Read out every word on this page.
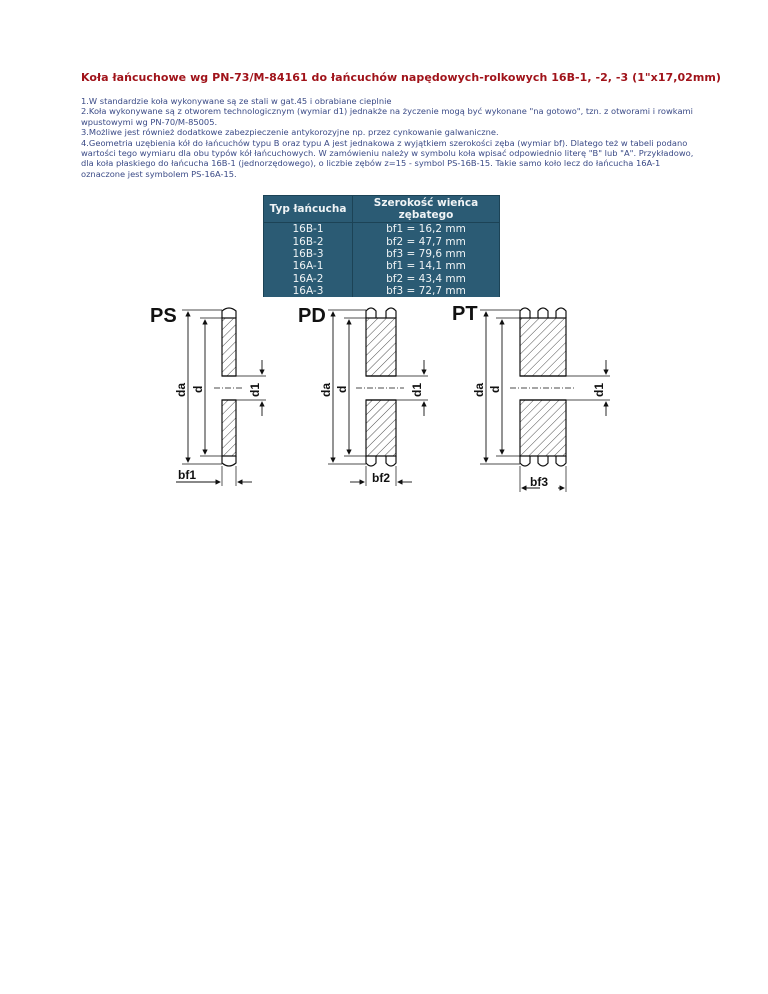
Koła łańcuchowe wg PN-73/M-84161 do łańcuchów napędowych-rolkowych 16B-1, -2, -3 (1"x17,02mm)

1.W standardzie koła wykonywane są ze stali w gat.45 i obrabiane cieplnie

2.Koła wykonywane są z otworem technologicznym (wymiar d1) jednakże na życzenie mogą być wykonane "na gotowo", tzn. z otworami i rowkami wpustowymi wg PN-70/M-85005.

3.Możliwe jest również dodatkowe zabezpieczenie antykorozyjne np. przez cynkowanie galwaniczne.

4.Geometria uzębienia kół do łańcuchów typu B oraz typu A jest jednakowa z wyjątkiem szerokości zęba (wymiar bf). Dlatego też w tabeli podano wartości tego wymiaru dla obu typów kół łańcuchowych. W zamówieniu należy w symbolu koła wpisać odpowiednio literę "B" lub "A". Przykładowo, dla koła płaskiego do łańcucha 16B-1 (jednorzędowego), o liczbie zębów z=15 - symbol PS-16B-15. Takie samo koło lecz do łańcucha 16A-1 oznaczone jest symbolem PS-16A-15.

Typ łańcucha	Szerokość wieńca zębatego
16B-1	bf1 = 16,2 mm
16B-2	bf2 = 47,7 mm
16B-3	bf3 = 79,6 mm
16A-1	bf1 = 14,1 mm
16A-2	bf2 = 43,4 mm
16A-3	bf3 = 72,7 mm
PS
da d	d1
bf1
PD
da d	d1
bf2
PT
da d	d1
bf3
